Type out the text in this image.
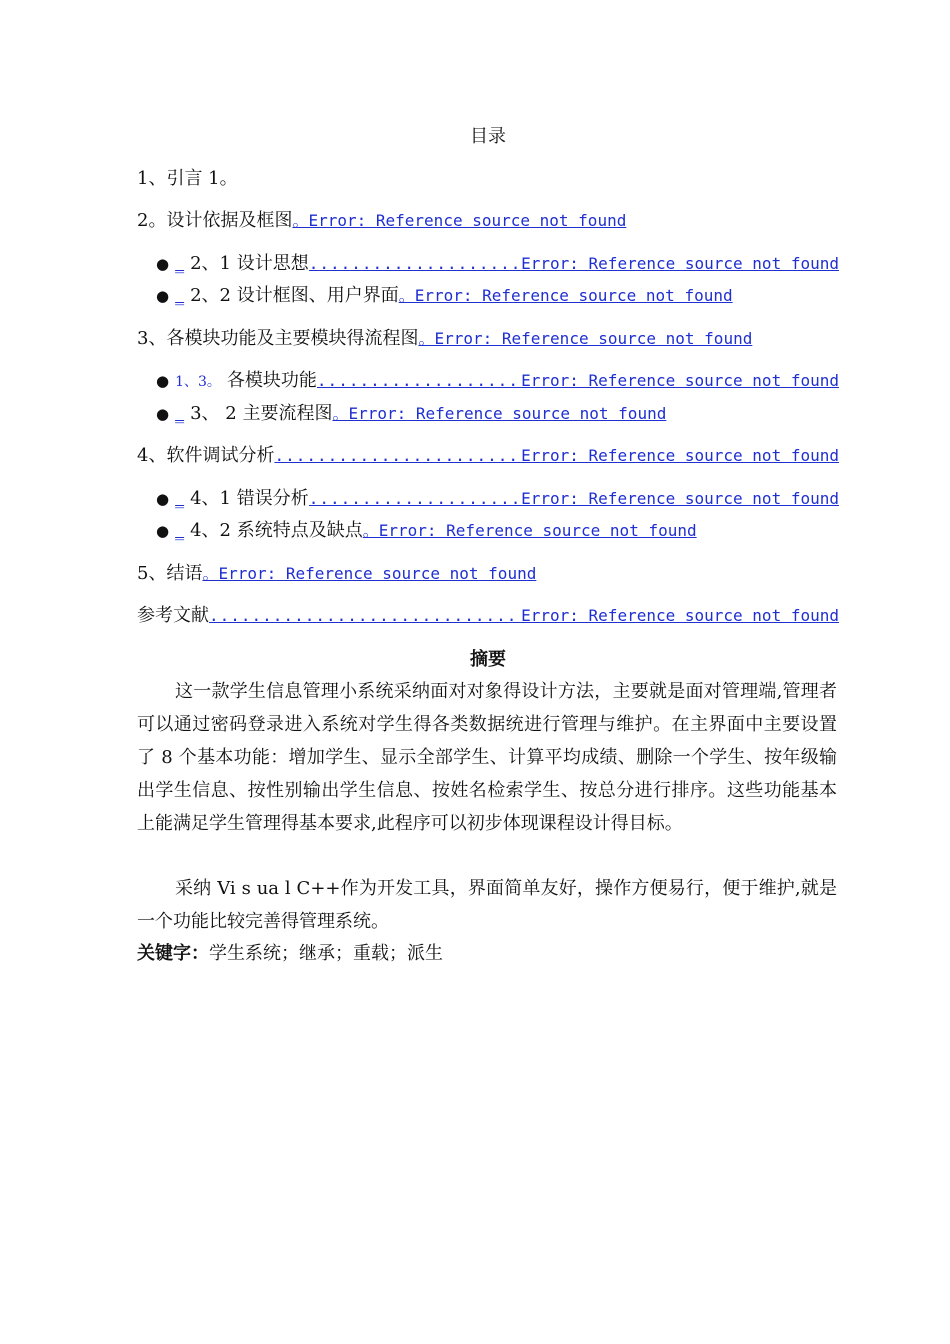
目录
1、引言 1。
2。设计依据及框图 。Error: Reference source not found
● _ 2、1 设计思想 .....	Error: Reference source not found
● _ 2、2 设计框图、用户界面 。Error: Reference source not found
3、各模块功能及主要模块得流程图 。Error: Reference source not found
● 1、3。 各模块功能 .....	Error: Reference source not found
● _ 3、 2 主要流程图 。Error: Reference source not found
4、软件调试分析 .....	Error: Reference source not found
● _ 4、1 错误分析 .....	Error: Reference source not found
● _ 4、2 系统特点及缺点 。Error: Reference source not found
5、结语 。Error: Reference source not found
参考文献 .....	Error: Reference source not found
摘要

这一款学生信息管理小系统采纳面对对象得设计方法，主要就是面对管理端,管理者可以通过密码登录进入系统对学生得各类数据统进行管理与维护。在主界面中主要设置了 8 个基本功能：增加学生、显示全部学生、计算平均成绩、删除一个学生、按年级输出学生信息、按性别输出学生信息、按姓名检索学生、按总分进行排序。这些功能基本上能满足学生管理得基本要求,此程序可以初步体现课程设计得目标。

采纳 Vi s ua l C++作为开发工具，界面简单友好，操作方便易行，便于维护,就是一个功能比较完善得管理系统。

关键字：学生系统；继承；重载；派生
